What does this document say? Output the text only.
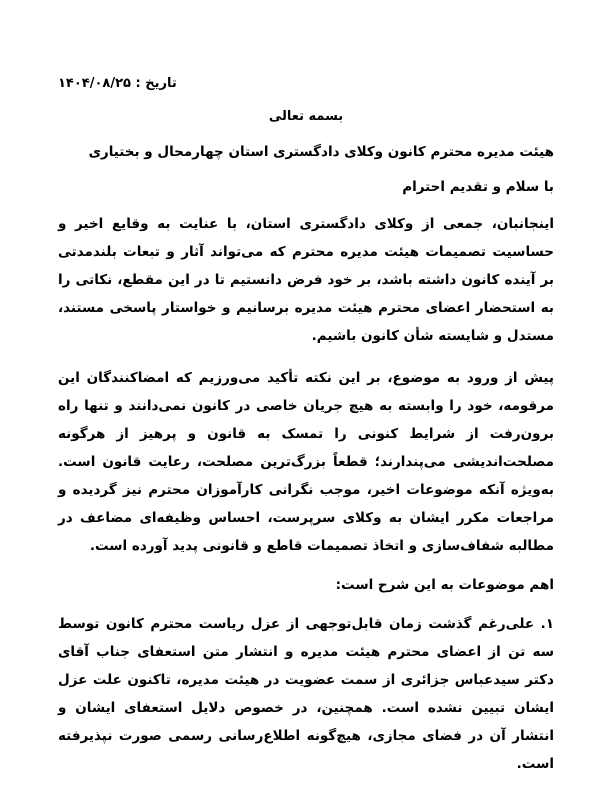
تاریخ : ۱۴۰۴/۰۸/۲۵
بسمه تعالی
هیئت مدیره محترم کانون وکلای دادگستری استان چهارمحال و بختیاری
با سلام و تقدیم احترام

اینجانبان، جمعی از وکلای دادگستری استان، با عنایت به وقایع اخیر و حساسیت تصمیمات هیئت مدیره محترم که می‌تواند آثار و تبعات بلندمدتی بر آینده کانون داشته باشد، بر خود فرض دانستیم تا در این مقطع، نکاتی را به استحضار اعضای محترم هیئت مدیره برسانیم و خواستار پاسخی مستند، مستدل و شایسته شأن کانون باشیم.

پیش از ورود به موضوع، بر این نکته تأکید می‌ورزیم که امضاکنندگان این مرقومه، خود را وابسته به هیچ جریان خاصی در کانون نمی‌دانند و تنها راه برون‌رفت از شرایط کنونی را تمسک به قانون و پرهیز از هرگونه مصلحت‌اندیشی می‌پندارند؛ قطعاً بزرگ‌ترین مصلحت، رعایت قانون است. به‌ویژه آنکه موضوعات اخیر، موجب نگرانی کارآموزان محترم نیز گردیده و مراجعات مکرر ایشان به وکلای سرپرست، احساس وظیفه‌ای مضاعف در مطالبه شفاف‌سازی و اتخاذ تصمیمات قاطع و قانونی پدید آورده است.

اهم موضوعات به این شرح است:

۱. علی‌رغم گذشت زمان قابل‌توجهی از عزل ریاست محترم کانون توسط سه تن از اعضای محترم هیئت مدیره و انتشار متن استعفای جناب آقای دکتر سیدعباس جزائری از سمت عضویت در هیئت مدیره، تاکنون علت عزل ایشان تبیین نشده است. همچنین، در خصوص دلایل استعفای ایشان و انتشار آن در فضای مجازی، هیچ‌گونه اطلاع‌رسانی رسمی صورت نپذیرفته است.
